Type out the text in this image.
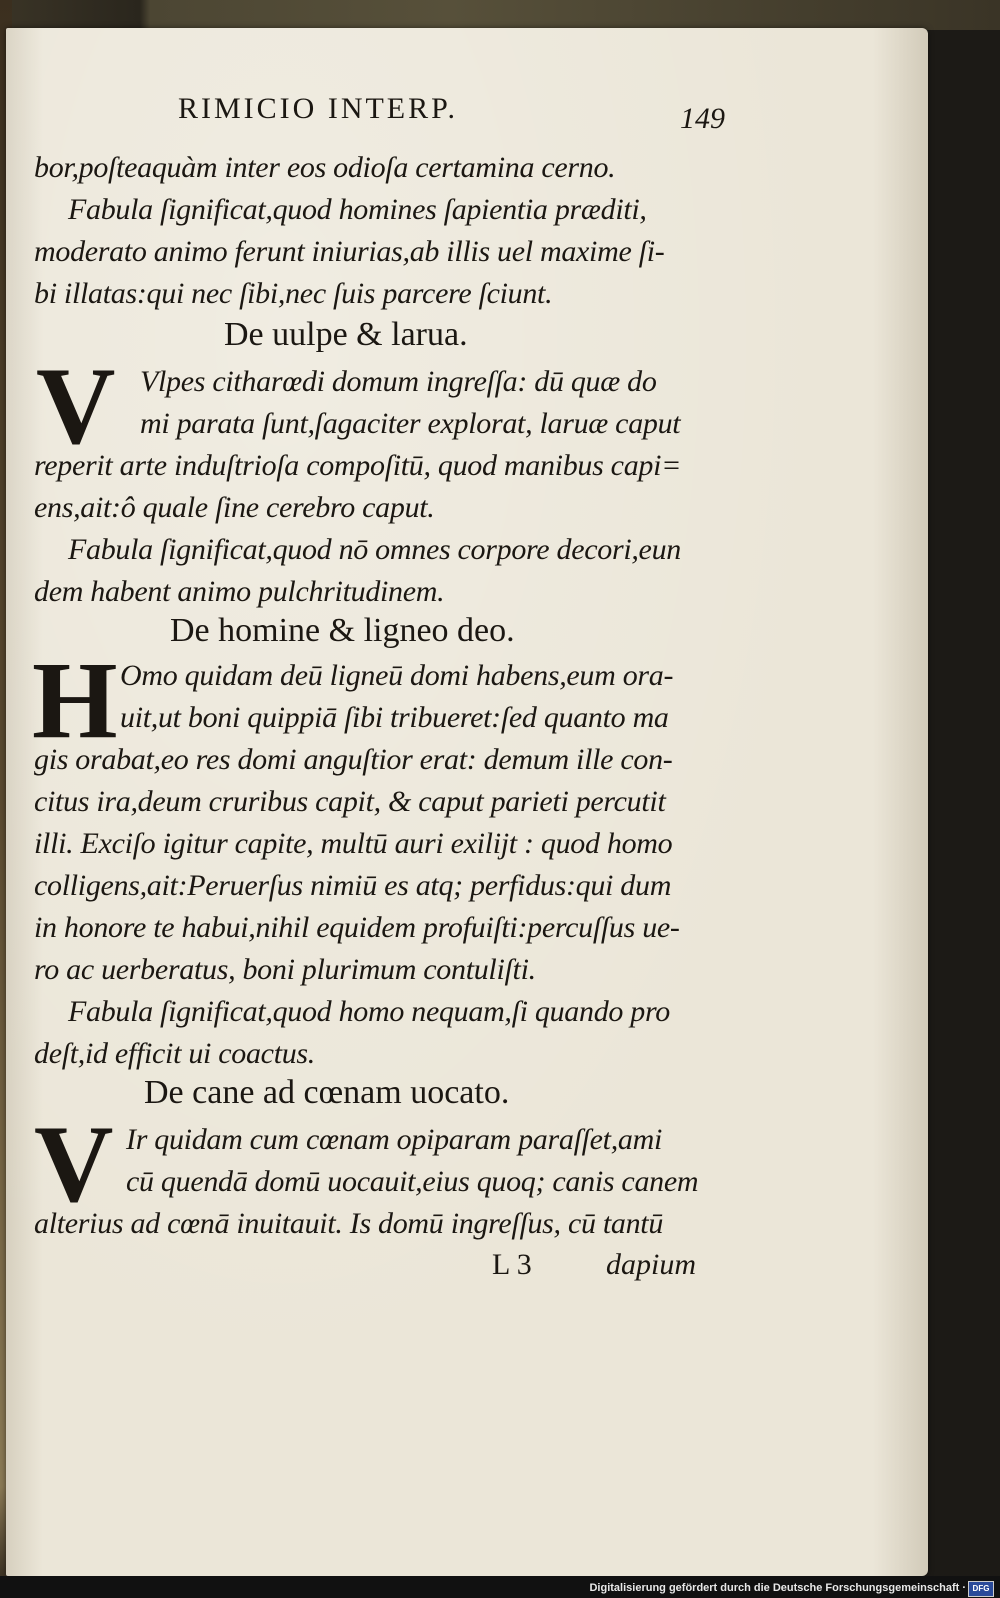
RIMICIO INTERP.	149
bor,poſteaquàm inter eos odioſa certamina cerno.
Fabula ſignificat,quod homines ſapientia præditi,
moderato animo ferunt iniurias,ab illis uel maxime ſi-
bi illatas:qui nec ſibi,nec ſuis parcere ſciunt.
De uulpe & larua.
V Vlpes citharœdi domum ingreſſa: dū quæ do
mi parata ſunt,ſagaciter explorat, laruæ caput
reperit arte induſtrioſa compoſitū, quod manibus capi=
ens,ait:ô quale ſine cerebro caput.
Fabula ſignificat,quod nō omnes corpore decori,eun
dem habent animo pulchritudinem.
De homine & ligneo deo.
H Omo quidam deū ligneū domi habens,eum ora-
uit,ut boni quippiā ſibi tribueret:ſed quanto ma
gis orabat,eo res domi anguſtior erat: demum ille con-
citus ira,deum cruribus capit, & caput parieti percutit
illi. Exciſo igitur capite, multū auri exilijt : quod homo
colligens,ait:Peruerſus nimiū es atq; perfidus:qui dum
in honore te habui,nihil equidem profuiſti:percuſſus ue-
ro ac uerberatus, boni plurimum contuliſti.
Fabula ſignificat,quod homo nequam,ſi quando pro
deſt,id efficit ui coactus.
De cane ad cœnam uocato.
V Ir quidam cum cœnam opiparam paraſſet,ami
cū quendā domū uocauit,eius quoq; canis canem
alterius ad cœnā inuitauit. Is domū ingreſſus, cū tantū
L 3 dapium
Digitalisierung gefördert durch die Deutsche Forschungsgemeinschaft · DFG
